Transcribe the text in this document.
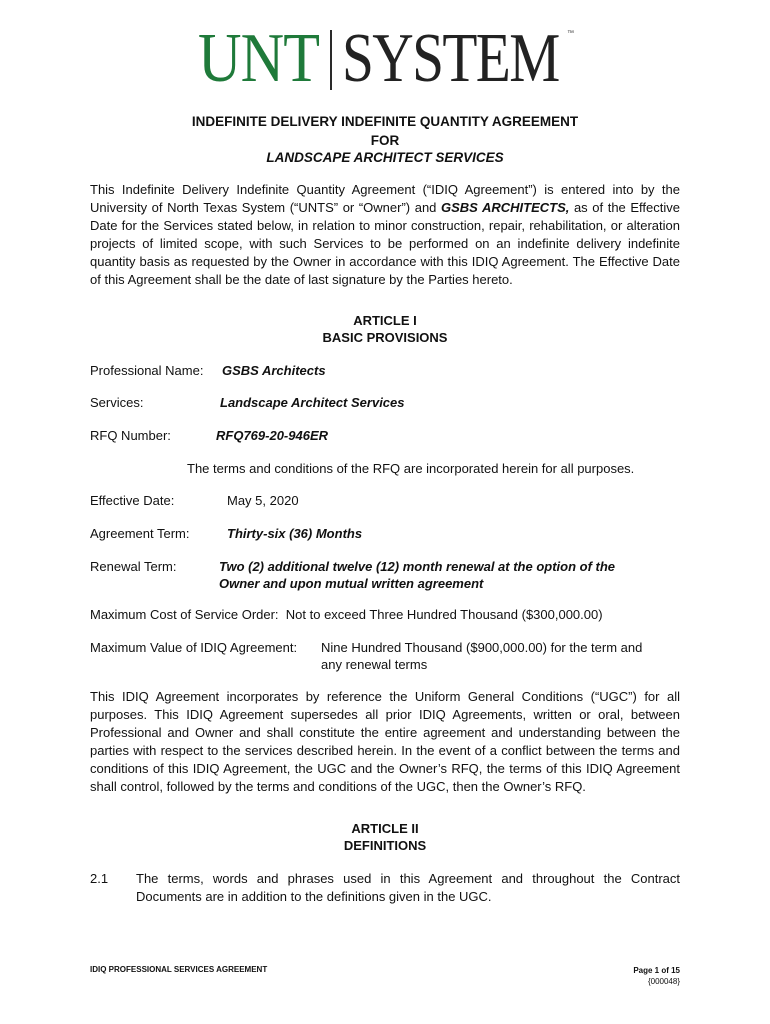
UNT SYSTEM ™
INDEFINITE DELIVERY INDEFINITE QUANTITY AGREEMENT
FOR
LANDSCAPE ARCHITECT SERVICES
This Indefinite Delivery Indefinite Quantity Agreement (“IDIQ Agreement”) is entered into by the University of North Texas System (“UNTS” or “Owner”) and GSBS ARCHITECTS, as of the Effective Date for the Services stated below, in relation to minor construction, repair, rehabilitation, or alteration projects of limited scope, with such Services to be performed on an indefinite delivery indefinite quantity basis as requested by the Owner in accordance with this IDIQ Agreement. The Effective Date of this Agreement shall be the date of last signature by the Parties hereto.
ARTICLE I
BASIC PROVISIONS
Professional Name: GSBS Architects
Services:	Landscape Architect Services
RFQ Number:	RFQ769-20-946ER
The terms and conditions of the RFQ are incorporated herein for all purposes.
Effective Date:	May 5, 2020
Agreement Term:	Thirty-six (36) Months
Renewal Term:	Two (2) additional twelve (12) month renewal at the option of the
Owner and upon mutual written agreement
Maximum Cost of Service Order:  Not to exceed Three Hundred Thousand ($300,000.00)
Maximum Value of IDIQ Agreement: Nine Hundred Thousand ($900,000.00) for the term and
any renewal terms
This IDIQ Agreement incorporates by reference the Uniform General Conditions (“UGC”) for all purposes. This IDIQ Agreement supersedes all prior IDIQ Agreements, written or oral, between Professional and Owner and shall constitute the entire agreement and understanding between the parties with respect to the services described herein. In the event of a conflict between the terms and conditions of this IDIQ Agreement, the UGC and the Owner’s RFQ, the terms of this IDIQ Agreement shall control, followed by the terms and conditions of the UGC, then the Owner’s RFQ.
ARTICLE II
DEFINITIONS
2.1 The terms, words and phrases used in this Agreement and throughout the Contract Documents are in addition to the definitions given in the UGC.
IDIQ PROFESSIONAL SERVICES AGREEMENT	Page 1 of 15
{000048}
